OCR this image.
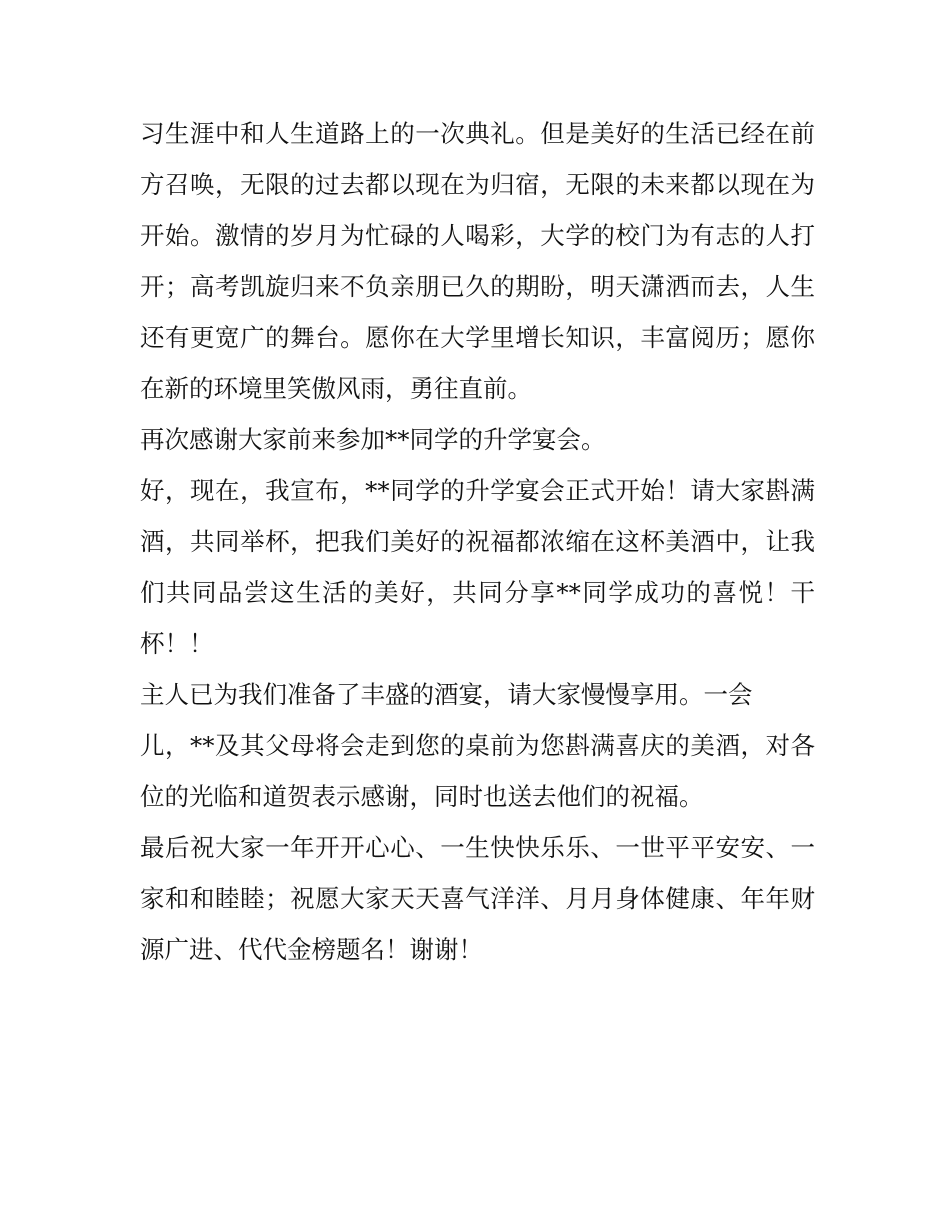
习生涯中和人生道路上的一次典礼。但是美好的生活已经在前
方召唤，无限的过去都以现在为归宿，无限的未来都以现在为
开始。激情的岁月为忙碌的人喝彩，大学的校门为有志的人打
开；高考凯旋归来不负亲朋已久的期盼，明天潇洒而去，人生
还有更宽广的舞台。愿你在大学里增长知识，丰富阅历；愿你
在新的环境里笑傲风雨，勇往直前。
再次感谢大家前来参加**同学的升学宴会。
好，现在，我宣布，**同学的升学宴会正式开始！请大家斟满
酒，共同举杯，把我们美好的祝福都浓缩在这杯美酒中，让我
们共同品尝这生活的美好，共同分享**同学成功的喜悦！干
杯！！
主人已为我们准备了丰盛的酒宴，请大家慢慢享用。一会
儿，**及其父母将会走到您的桌前为您斟满喜庆的美酒，对各
位的光临和道贺表示感谢，同时也送去他们的祝福。
最后祝大家一年开开心心、一生快快乐乐、一世平平安安、一
家和和睦睦；祝愿大家天天喜气洋洋、月月身体健康、年年财
源广进、代代金榜题名！谢谢！
